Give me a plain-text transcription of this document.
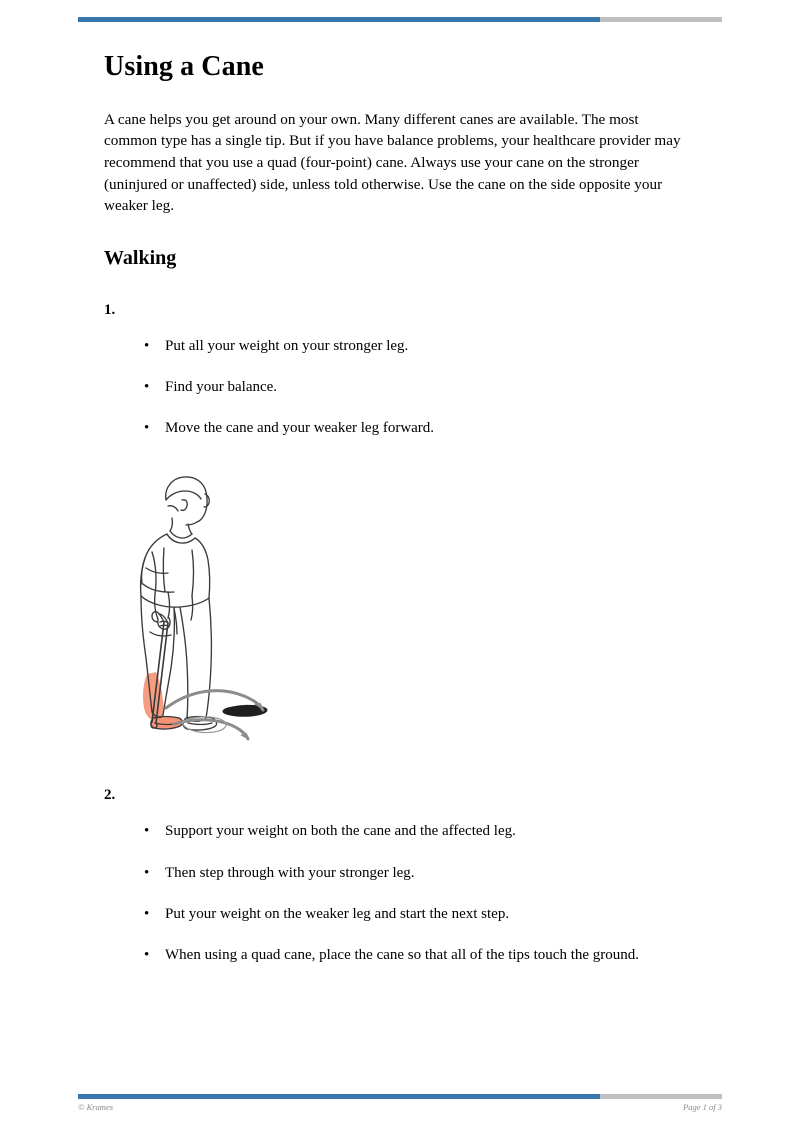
Using a Cane

A cane helps you get around on your own. Many different canes are available. The most common type has a single tip. But if you have balance problems, your healthcare provider may recommend that you use a quad (four-point) cane. Always use your cane on the stronger (uninjured or unaffected) side, unless told otherwise. Use the cane on the side opposite your weaker leg.

Walking
1.
• Put all your weight on your stronger leg.
• Find your balance.
• Move the cane and your weaker leg forward.
2.
• Support your weight on both the cane and the affected leg.
• Then step through with your stronger leg.
• Put your weight on the weaker leg and start the next step.
• When using a quad cane, place the cane so that all of the tips touch the ground.
© Krames	Page 1 of 3
